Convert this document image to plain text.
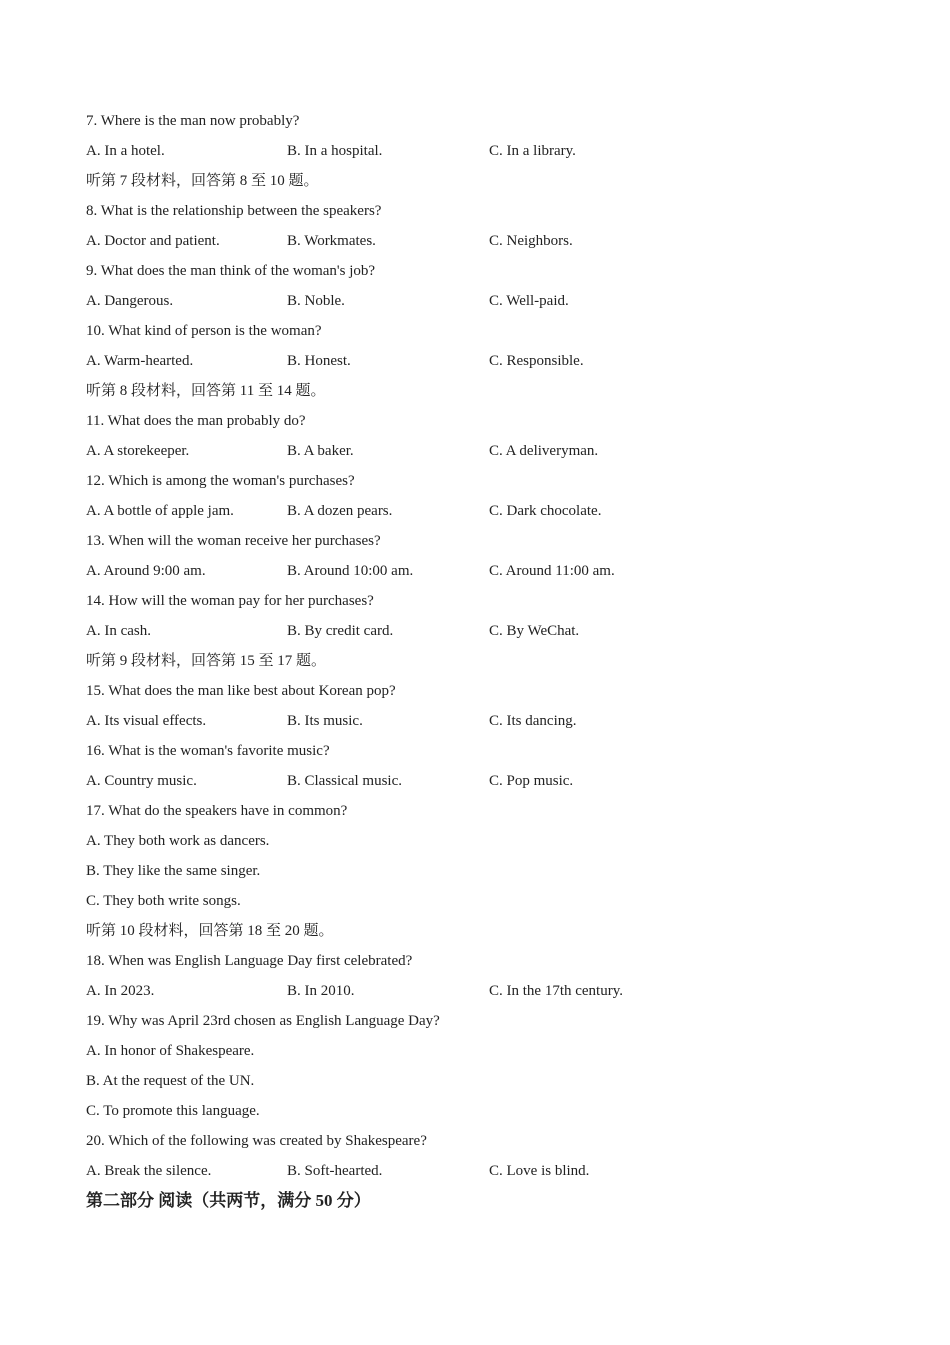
7. Where is the man now probably?
A. In a hotel.	B. In a hospital.	C. In a library.
听第 7 段材料，回答第 8 至 10 题。
8. What is the relationship between the speakers?
A. Doctor and patient.	B. Workmates.	C. Neighbors.
9. What does the man think of the woman's job?
A. Dangerous.	B. Noble.	C. Well-paid.
10. What kind of person is the woman?
A. Warm-hearted.	B. Honest.	C. Responsible.
听第 8 段材料，回答第 11 至 14 题。
11. What does the man probably do?
A. A storekeeper.	B. A baker.	C. A deliveryman.
12. Which is among the woman's purchases?
A. A bottle of apple jam.	B. A dozen pears.	C. Dark chocolate.
13. When will the woman receive her purchases?
A. Around 9:00 am.	B. Around 10:00 am.	C. Around 11:00 am.
14. How will the woman pay for her purchases?
A. In cash.	B. By credit card.	C. By WeChat.
听第 9 段材料，回答第 15 至 17 题。
15. What does the man like best about Korean pop?
A. Its visual effects.	B. Its music.	C. Its dancing.
16. What is the woman's favorite music?
A. Country music.	B. Classical music.	C. Pop music.
17. What do the speakers have in common?
A. They both work as dancers.
B. They like the same singer.
C. They both write songs.
听第 10 段材料，回答第 18 至 20 题。
18. When was English Language Day first celebrated?
A. In 2023.	B. In 2010.	C. In the 17th century.
19. Why was April 23rd chosen as English Language Day?
A. In honor of Shakespeare.
B. At the request of the UN.
C. To promote this language.
20. Which of the following was created by Shakespeare?
A. Break the silence.	B. Soft-hearted.	C. Love is blind.
第二部分 阅读（共两节，满分 50 分）
